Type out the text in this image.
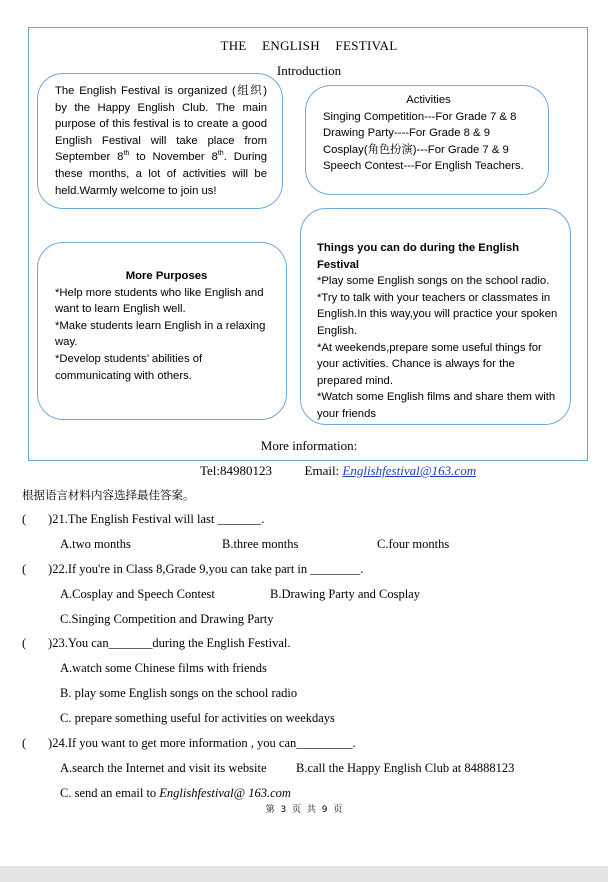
THE ENGLISH FESTIVAL
Introduction

The English Festival is organized (组织) by the Happy English Club. The main purpose of this festival is to create a good English Festival will take place from September 8th to November 8th. During these months, a lot of activities will be held.Warmly welcome to join us!

Activities
Singing Competition---For Grade 7 & 8
Drawing Party----For Grade 8 & 9
Cosplay(角色扮演)---For Grade 7 & 9
Speech Contest---For English Teachers.
More Purposes
*Help more students who like English and want to learn English well.
*Make students learn English in a relaxing way.
*Develop students’ abilities of communicating with others.
Things you can do during the English Festival
*Play some English songs on the school radio.
*Try to talk with your teachers or classmates in English.In this way,you will practice your spoken English.
*At weekends,prepare some useful things for your activities. Chance is always for the prepared mind.
*Watch some English films and share them with your friends
More information:
Tel:84980123	Email: Englishfestival@163.com
根据语言材料内容选择最佳答案。
(       )21.The English Festival will last _______.
A.two months	B.three months	C.four months
(       )22.If you're in Class 8,Grade 9,you can take part in ________.
A.Cosplay and Speech Contest	B.Drawing Party and Cosplay
C.Singing Competition and Drawing Party
(       )23.You can_______during the English Festival.
A.watch some Chinese films with friends
B. play some English songs on the school radio
C. prepare something useful for activities on weekdays
(       )24.If you want to get more information , you can_________.
A.search the Internet and visit its website B.call the Happy English Club at 84888123
C. send an email to Englishfestival@ 163.com
第 3 页 共 9 页
